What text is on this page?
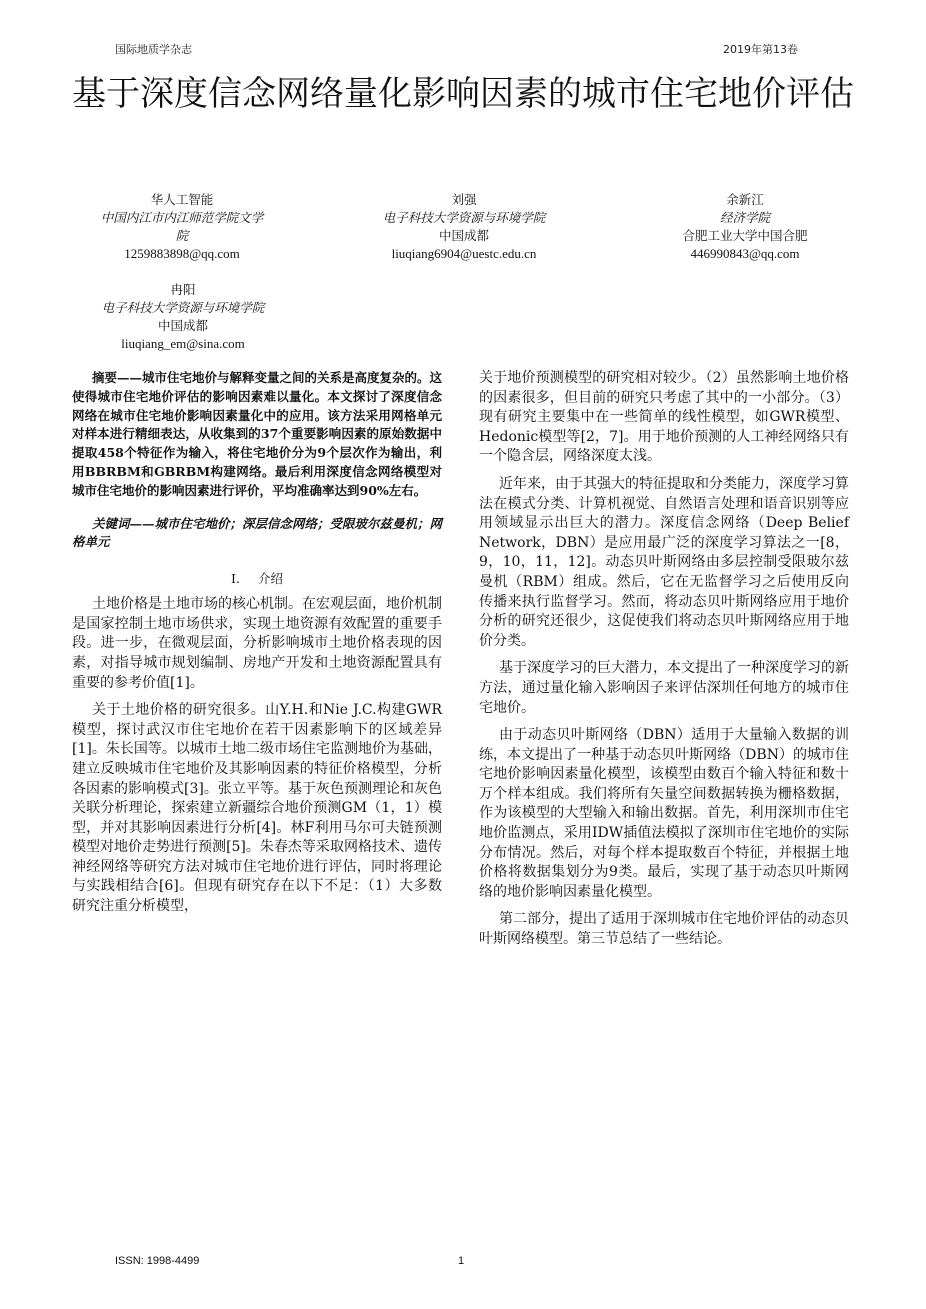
国际地质学杂志	2019年第13卷
基于深度信念网络量化影响因素的城市住宅地价评估
华人工智能
中国内江市内江师范学院文学院
1259883898@qq.com
刘强
电子科技大学资源与环境学院
中国成都
liuqiang6904@uestc.edu.cn
余新江
经济学院
合肥工业大学中国合肥
446990843@qq.com
冉阳
电子科技大学资源与环境学院
中国成都
liuqiang_em@sina.com

摘要——城市住宅地价与解释变量之间的关系是高度复杂的。这使得城市住宅地价评估的影响因素难以量化。本文探讨了深度信念网络在城市住宅地价影响因素量化中的应用。该方法采用网格单元对样本进行精细表达，从收集到的37个重要影响因素的原始数据中提取458个特征作为输入，将住宅地价分为9个层次作为输出，利用BBRBM和GBRBM构建网络。最后利用深度信念网络模型对城市住宅地价的影响因素进行评价，平均准确率达到90%左右。

关键词——城市住宅地价；深层信念网络；受限玻尔兹曼机；网格单元

I. 介绍

土地价格是土地市场的核心机制。在宏观层面，地价机制是国家控制土地市场供求，实现土地资源有效配置的重要手段。进一步，在微观层面，分析影响城市土地价格表现的因素，对指导城市规划编制、房地产开发和土地资源配置具有重要的参考价值[1]。

关于土地价格的研究很多。山Y.H.和Nie J.C.构建GWR模型，探讨武汉市住宅地价在若干因素影响下的区域差异[1]。朱长国等。以城市土地二级市场住宅监测地价为基础，建立反映城市住宅地价及其影响因素的特征价格模型，分析各因素的影响模式[3]。张立平等。基于灰色预测理论和灰色关联分析理论，探索建立新疆综合地价预测GM（1，1）模型，并对其影响因素进行分析[4]。林F利用马尔可夫链预测模型对地价走势进行预测[5]。朱春杰等采取网格技术、遗传神经网络等研究方法对城市住宅地价进行评估，同时将理论与实践相结合[6]。但现有研究存在以下不足：（1）大多数研究注重分析模型，

关于地价预测模型的研究相对较少。（2）虽然影响土地价格的因素很多，但目前的研究只考虑了其中的一小部分。（3）现有研究主要集中在一些简单的线性模型，如GWR模型、Hedonic模型等[2，7]。用于地价预测的人工神经网络只有一个隐含层，网络深度太浅。

近年来，由于其强大的特征提取和分类能力，深度学习算法在模式分类、计算机视觉、自然语言处理和语音识别等应用领域显示出巨大的潜力。深度信念网络（Deep Belief Network，DBN）是应用最广泛的深度学习算法之一[8，9，10，11，12]。动态贝叶斯网络由多层控制受限玻尔兹曼机（RBM）组成。然后，它在无监督学习之后使用反向传播来执行监督学习。然而，将动态贝叶斯网络应用于地价分析的研究还很少，这促使我们将动态贝叶斯网络应用于地价分类。

基于深度学习的巨大潜力，本文提出了一种深度学习的新方法，通过量化输入影响因子来评估深圳任何地方的城市住宅地价。

由于动态贝叶斯网络（DBN）适用于大量输入数据的训练，本文提出了一种基于动态贝叶斯网络（DBN）的城市住宅地价影响因素量化模型，该模型由数百个输入特征和数十万个样本组成。我们将所有矢量空间数据转换为栅格数据，作为该模型的大型输入和输出数据。首先，利用深圳市住宅地价监测点，采用IDW插值法模拟了深圳市住宅地价的实际分布情况。然后，对每个样本提取数百个特征，并根据土地价格将数据集划分为9类。最后，实现了基于动态贝叶斯网络的地价影响因素量化模型。

第二部分，提出了适用于深圳城市住宅地价评估的动态贝叶斯网络模型。第三节总结了一些结论。

ISSN: 1998-4499	1
